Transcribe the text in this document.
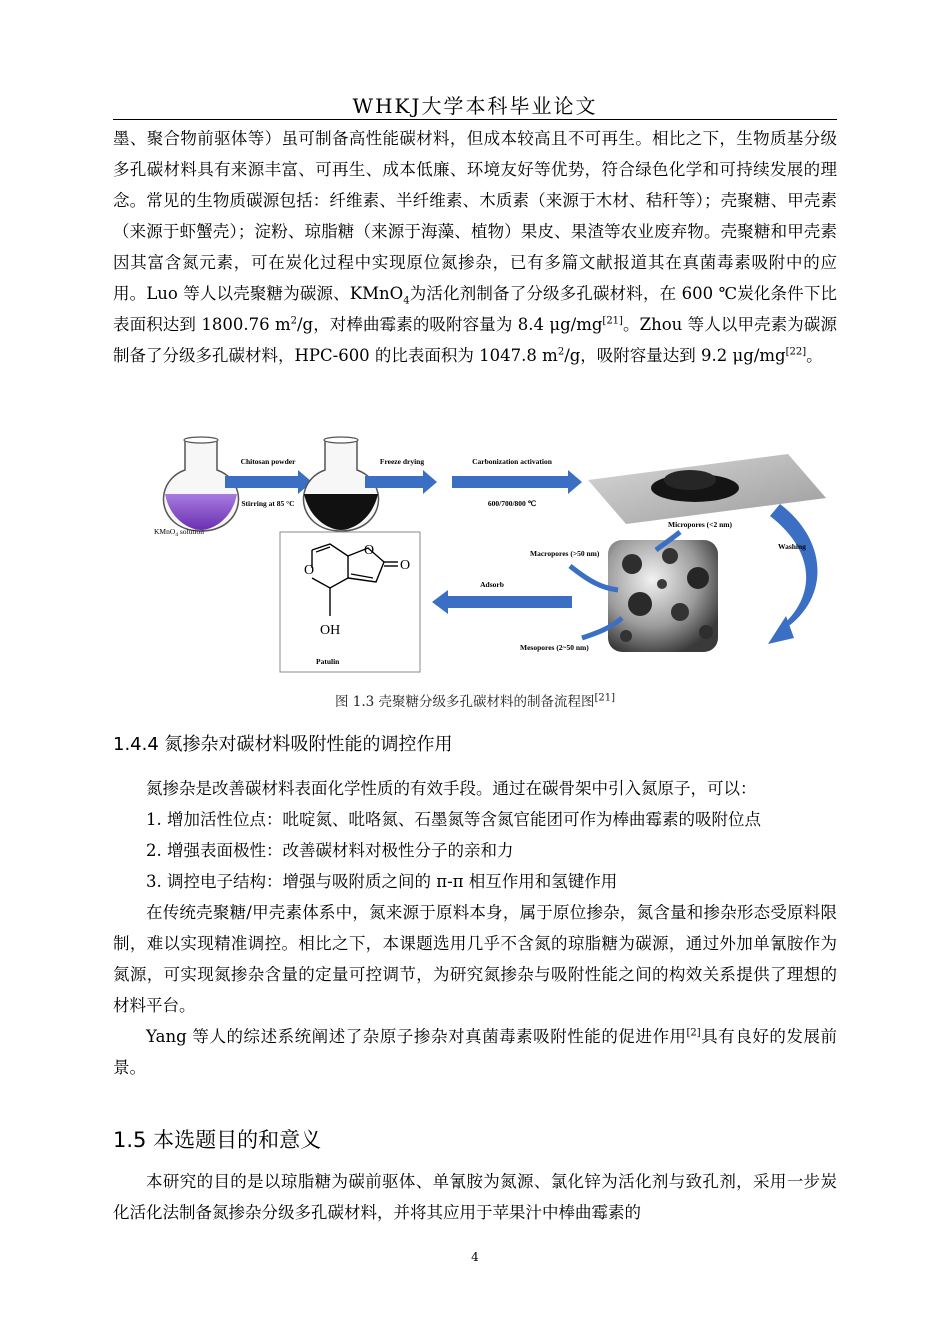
WHKJ大学本科毕业论文

墨、聚合物前驱体等）虽可制备高性能碳材料，但成本较高且不可再生。相比之下，生物质基分级多孔碳材料具有来源丰富、可再生、成本低廉、环境友好等优势，符合绿色化学和可持续发展的理念。常见的生物质碳源包括：纤维素、半纤维素、木质素（来源于木材、秸秆等）；壳聚糖、甲壳素（来源于虾蟹壳）；淀粉、琼脂糖（来源于海藻、植物）果皮、果渣等农业废弃物。壳聚糖和甲壳素因其富含氮元素，可在炭化过程中实现原位氮掺杂，已有多篇文献报道其在真菌毒素吸附中的应用。Luo 等人以壳聚糖为碳源、KMnO$_4$为活化剂制备了分级多孔碳材料，在 600 ℃炭化条件下比表面积达到 1800.76 $m^2/g$，对棒曲霉素的吸附容量为 8.4 μg/mg[21]。Zhou 等人以甲壳素为碳源制备了分级多孔碳材料，HPC-600 的比表面积为 1047.8 $m^2/g$，吸附容量达到 9.2 μg/mg[22]。

KMnO$_4$ solution
Chitosan powder
Stirring at 85 °C
Freeze drying	Carbonization activation
600/700/800 ℃
Washing
Micropores (<2 nm)
Macropores (>50 nm)
Mesopores (2~50 nm)
Adsorb
O
O
O
OH
Patulin
图 1.3 壳聚糖分级多孔碳材料的制备流程图[21]
1.4.4 氮掺杂对碳材料吸附性能的调控作用

氮掺杂是改善碳材料表面化学性质的有效手段。通过在碳骨架中引入氮原子，可以：

1. 增加活性位点：吡啶氮、吡咯氮、石墨氮等含氮官能团可作为棒曲霉素的吸附位点

2. 增强表面极性：改善碳材料对极性分子的亲和力

3. 调控电子结构：增强与吸附质之间的 π-π 相互作用和氢键作用

在传统壳聚糖/甲壳素体系中，氮来源于原料本身，属于原位掺杂，氮含量和掺杂形态受原料限制，难以实现精准调控。相比之下，本课题选用几乎不含氮的琼脂糖为碳源，通过外加单氰胺作为氮源，可实现氮掺杂含量的定量可控调节，为研究氮掺杂与吸附性能之间的构效关系提供了理想的材料平台。

Yang 等人的综述系统阐述了杂原子掺杂对真菌毒素吸附性能的促进作用[2]具有良好的发展前景。

1.5 本选题目的和意义

本研究的目的是以琼脂糖为碳前驱体、单氰胺为氮源、氯化锌为活化剂与致孔剂，采用一步炭化活化法制备氮掺杂分级多孔碳材料，并将其应用于苹果汁中棒曲霉素的

4
